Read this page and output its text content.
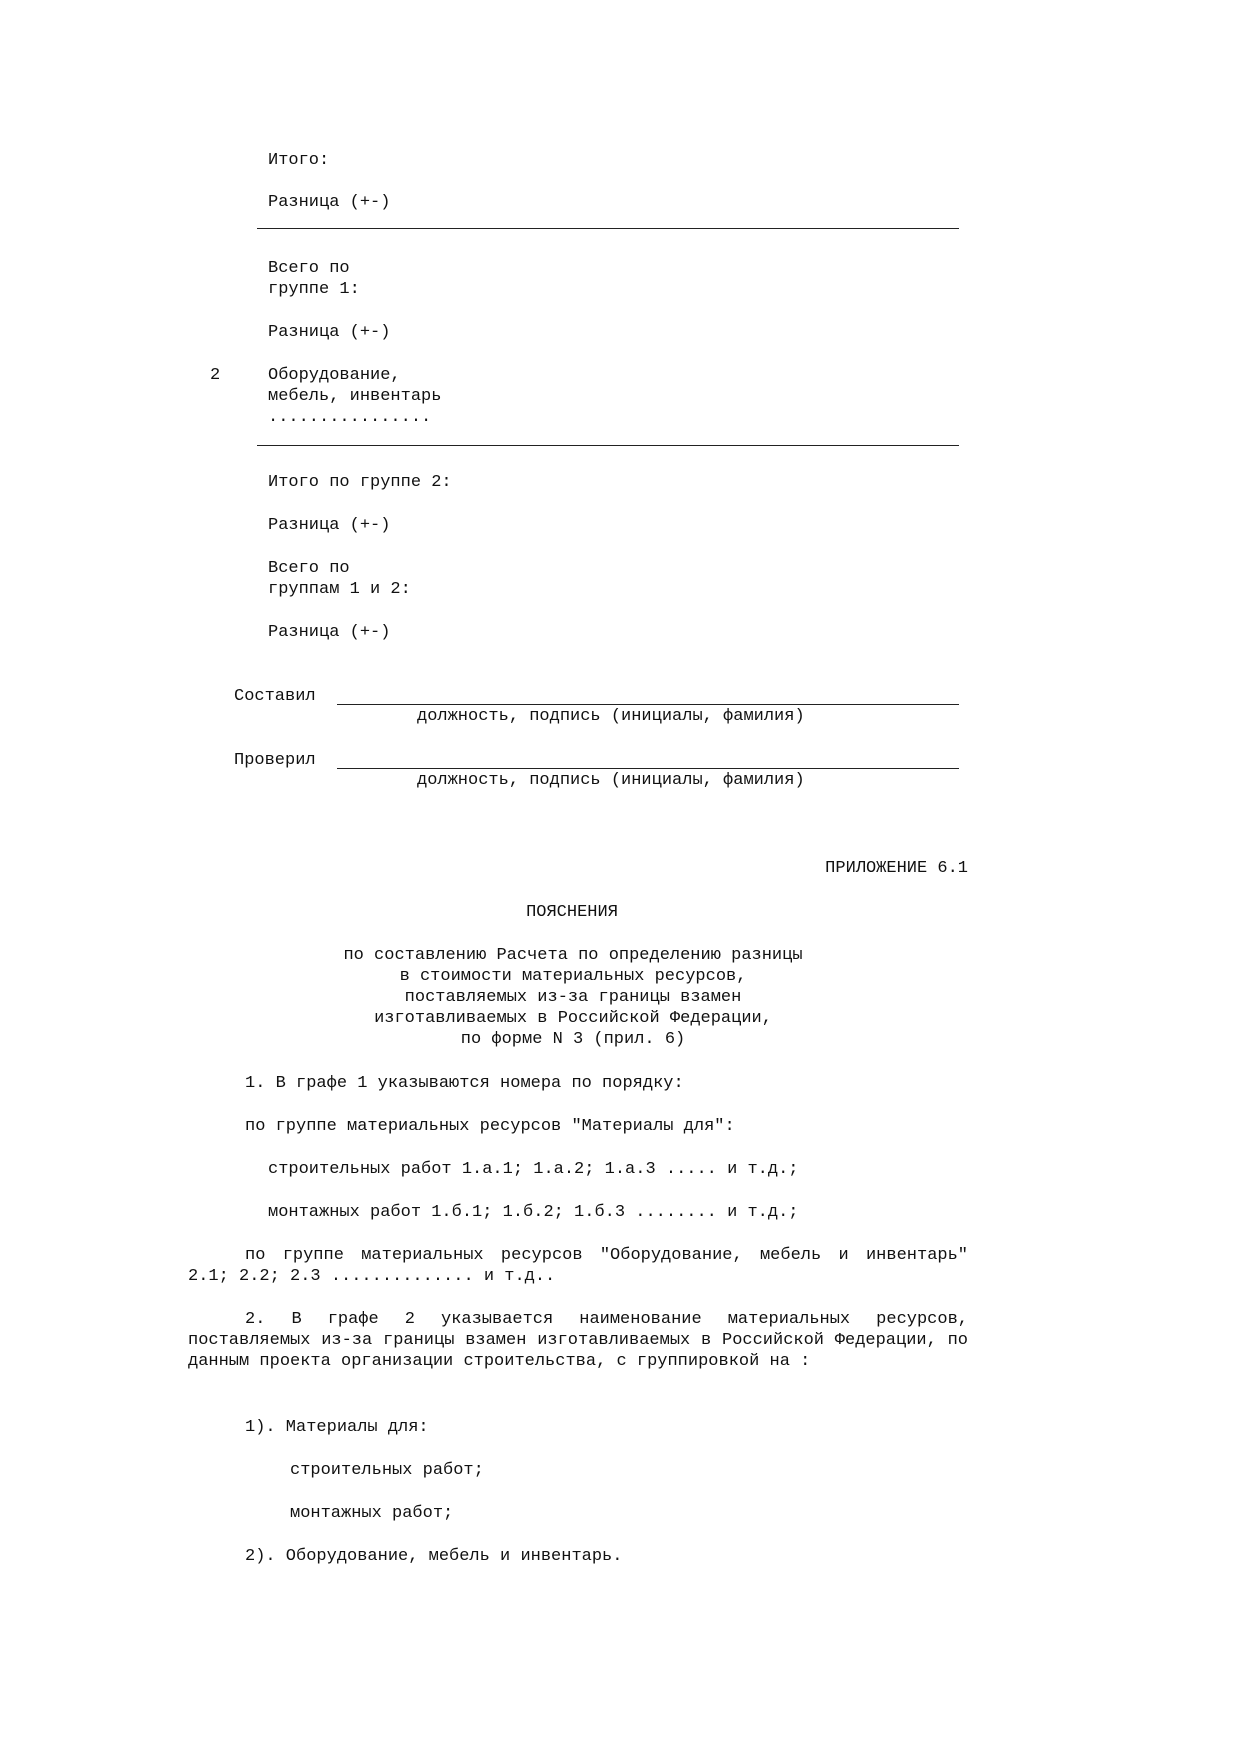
Итого:
Разница (+-)
Всего по
группе 1:
Разница (+-)
2	Оборудование,
мебель, инвентарь
................
Итого по группе 2:
Разница (+-)
Всего по
группам 1 и 2:
Разница (+-)
Составил
должность, подпись (инициалы, фамилия)
Проверил
должность, подпись (инициалы, фамилия)
ПРИЛОЖЕНИЕ 6.1
ПОЯСНЕНИЯ
по составлению Расчета по определению разницы
в стоимости материальных ресурсов,
поставляемых из-за границы взамен
изготавливаемых в Российской Федерации,
по форме N 3 (прил. 6)
1. В графе 1 указываются номера по порядку:
по группе материальных ресурсов "Материалы для":
строительных работ 1.а.1; 1.а.2; 1.а.3 ..... и т.д.;
монтажных работ 1.б.1; 1.б.2; 1.б.3 ........ и т.д.;
по группе материальных ресурсов "Оборудование, мебель и инвентарь" 2.1; 2.2; 2.3 .............. и т.д..
2. В графе 2 указывается наименование материальных ресурсов, поставляемых из-за границы взамен изготавливаемых в Российской Федерации, по данным проекта организации строительства, с группировкой на :
1). Материалы для:
строительных работ;
монтажных работ;
2). Оборудование, мебель и инвентарь.
